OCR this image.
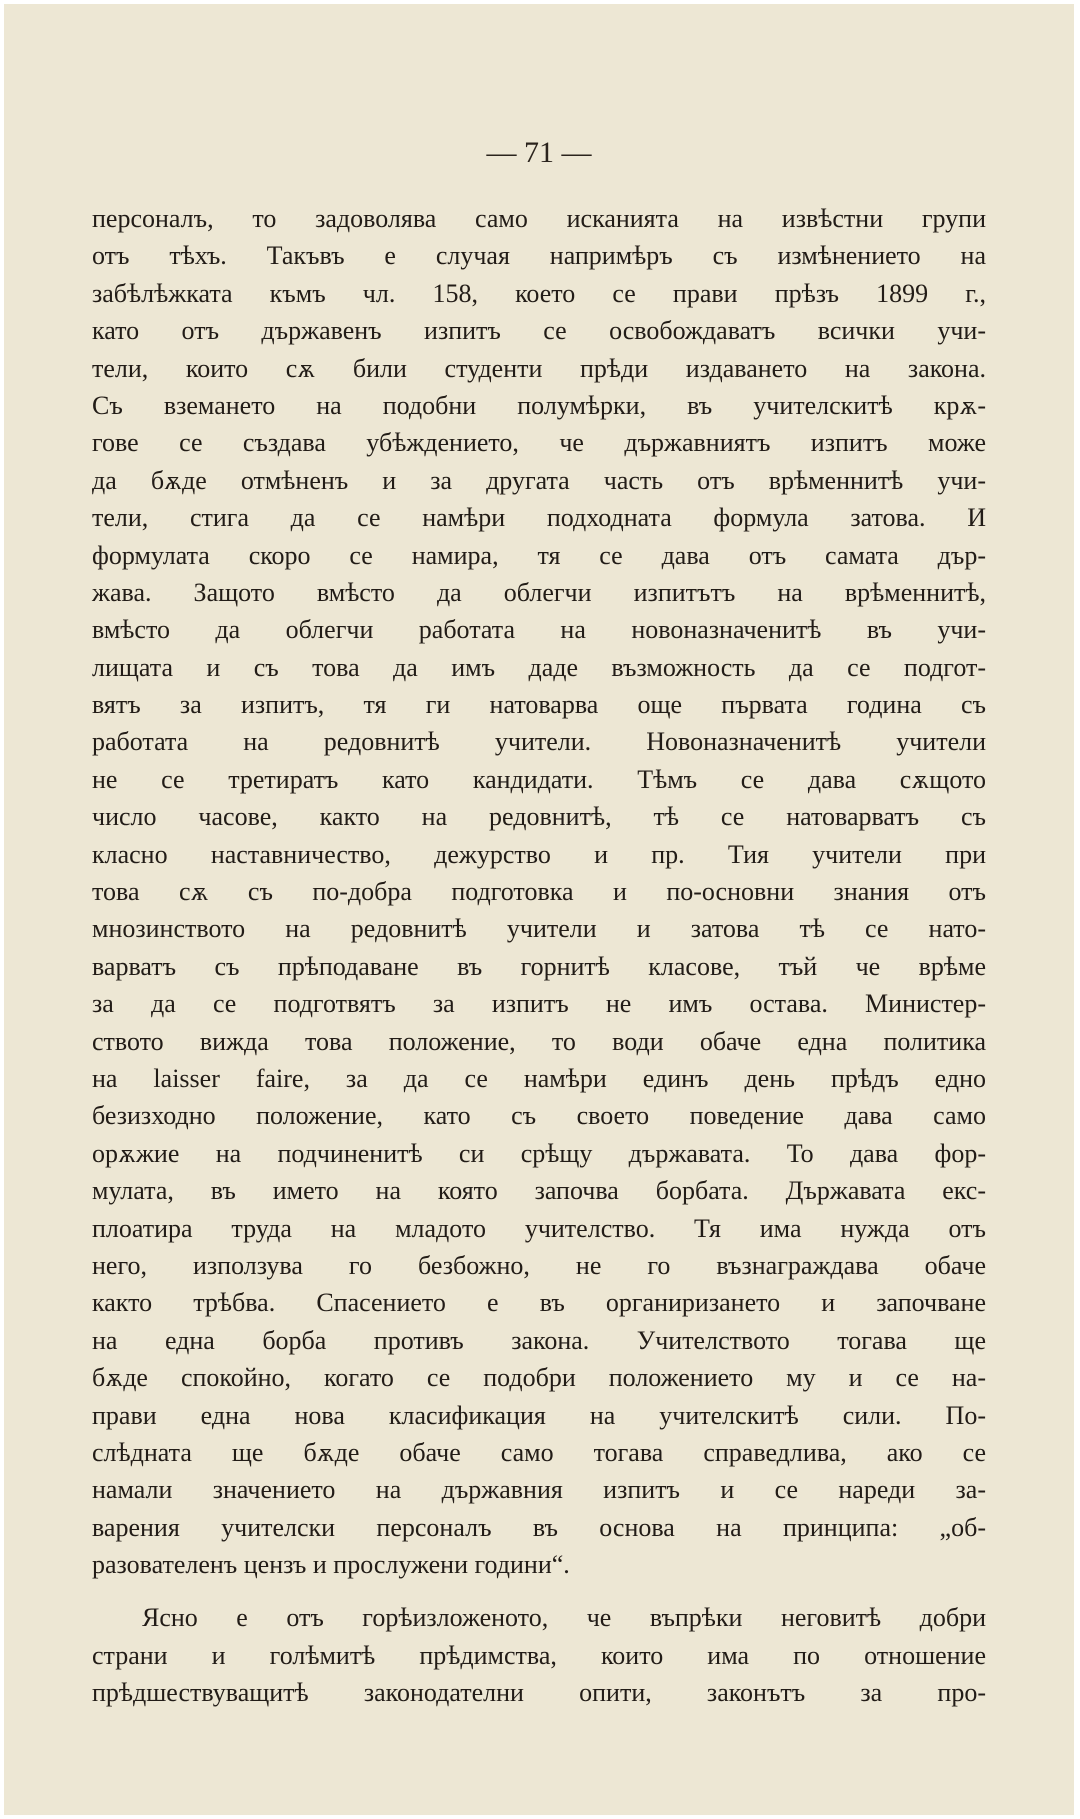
— 71 —
персоналъ, то задоволява само исканията на извѣстни групи
отъ тѣхъ. Такъвъ е случая напримѣръ съ измѣнението на
забѣлѣжката къмъ чл. 158, което се прави прѣзъ 1899 г.,
като отъ държавенъ изпитъ се освобождаватъ всички учи-
тели, които сѫ били студенти прѣди издаването на закона.
Съ вземането на подобни полумѣрки, въ учителскитѣ крѫ-
гове се създава убѣждението, че държавниятъ изпитъ може
да бѫде отмѣненъ и за другата часть отъ врѣменнитѣ учи-
тели, стига да се намѣри подходната формула затова. И
формулата скоро се намира, тя се дава отъ самата дър-
жава. Защото вмѣсто да облегчи изпитътъ на врѣменнитѣ,
вмѣсто да облегчи работата на новоназначенитѣ въ учи-
лищата и съ това да имъ даде възможность да се подгот-
вятъ за изпитъ, тя ги натоварва още първата година съ
работата на редовнитѣ учители. Новоназначенитѣ учители
не се третиратъ като кандидати. Тѣмъ се дава сѫщото
число часове, както на редовнитѣ, тѣ се натоварватъ съ
класно наставничество, дежурство и пр. Тия учители при
това сѫ съ по-добра подготовка и по-основни знания отъ
мнозинството на редовнитѣ учители и затова тѣ се нато-
варватъ съ прѣподаване въ горнитѣ класове, тъй че врѣме
за да се подготвятъ за изпитъ не имъ остава. Министер-
ството вижда това положение, то води обаче една политика
на laisser faire, за да се намѣри единъ день прѣдъ едно
безизходно положение, като съ своето поведение дава само
орѫжие на подчиненитѣ си срѣщу държавата. То дава фор-
мулата, въ името на която започва борбата. Държавата екс-
плоатира труда на младото учителство. Тя има нужда отъ
него, използува го безбожно, не го възнаграждава обаче
както трѣбва. Спасението е въ органиризането и започване
на една борба противъ закона. Учителството тогава ще
бѫде спокойно, когато се подобри положението му и се на-
прави една нова класификация на учителскитѣ сили. По-
слѣдната ще бѫде обаче само тогава справедлива, ако се
намали значението на държавния изпитъ и се нареди за-
варения учителски персоналъ въ основа на принципа: „об-
разователенъ цензъ и прослужени години“.
Ясно е отъ горѣизложеното, че въпрѣки неговитѣ добри
страни и голѣмитѣ прѣдимства, които има по отношение
прѣдшествуващитѣ законодателни опити, законътъ за про-
